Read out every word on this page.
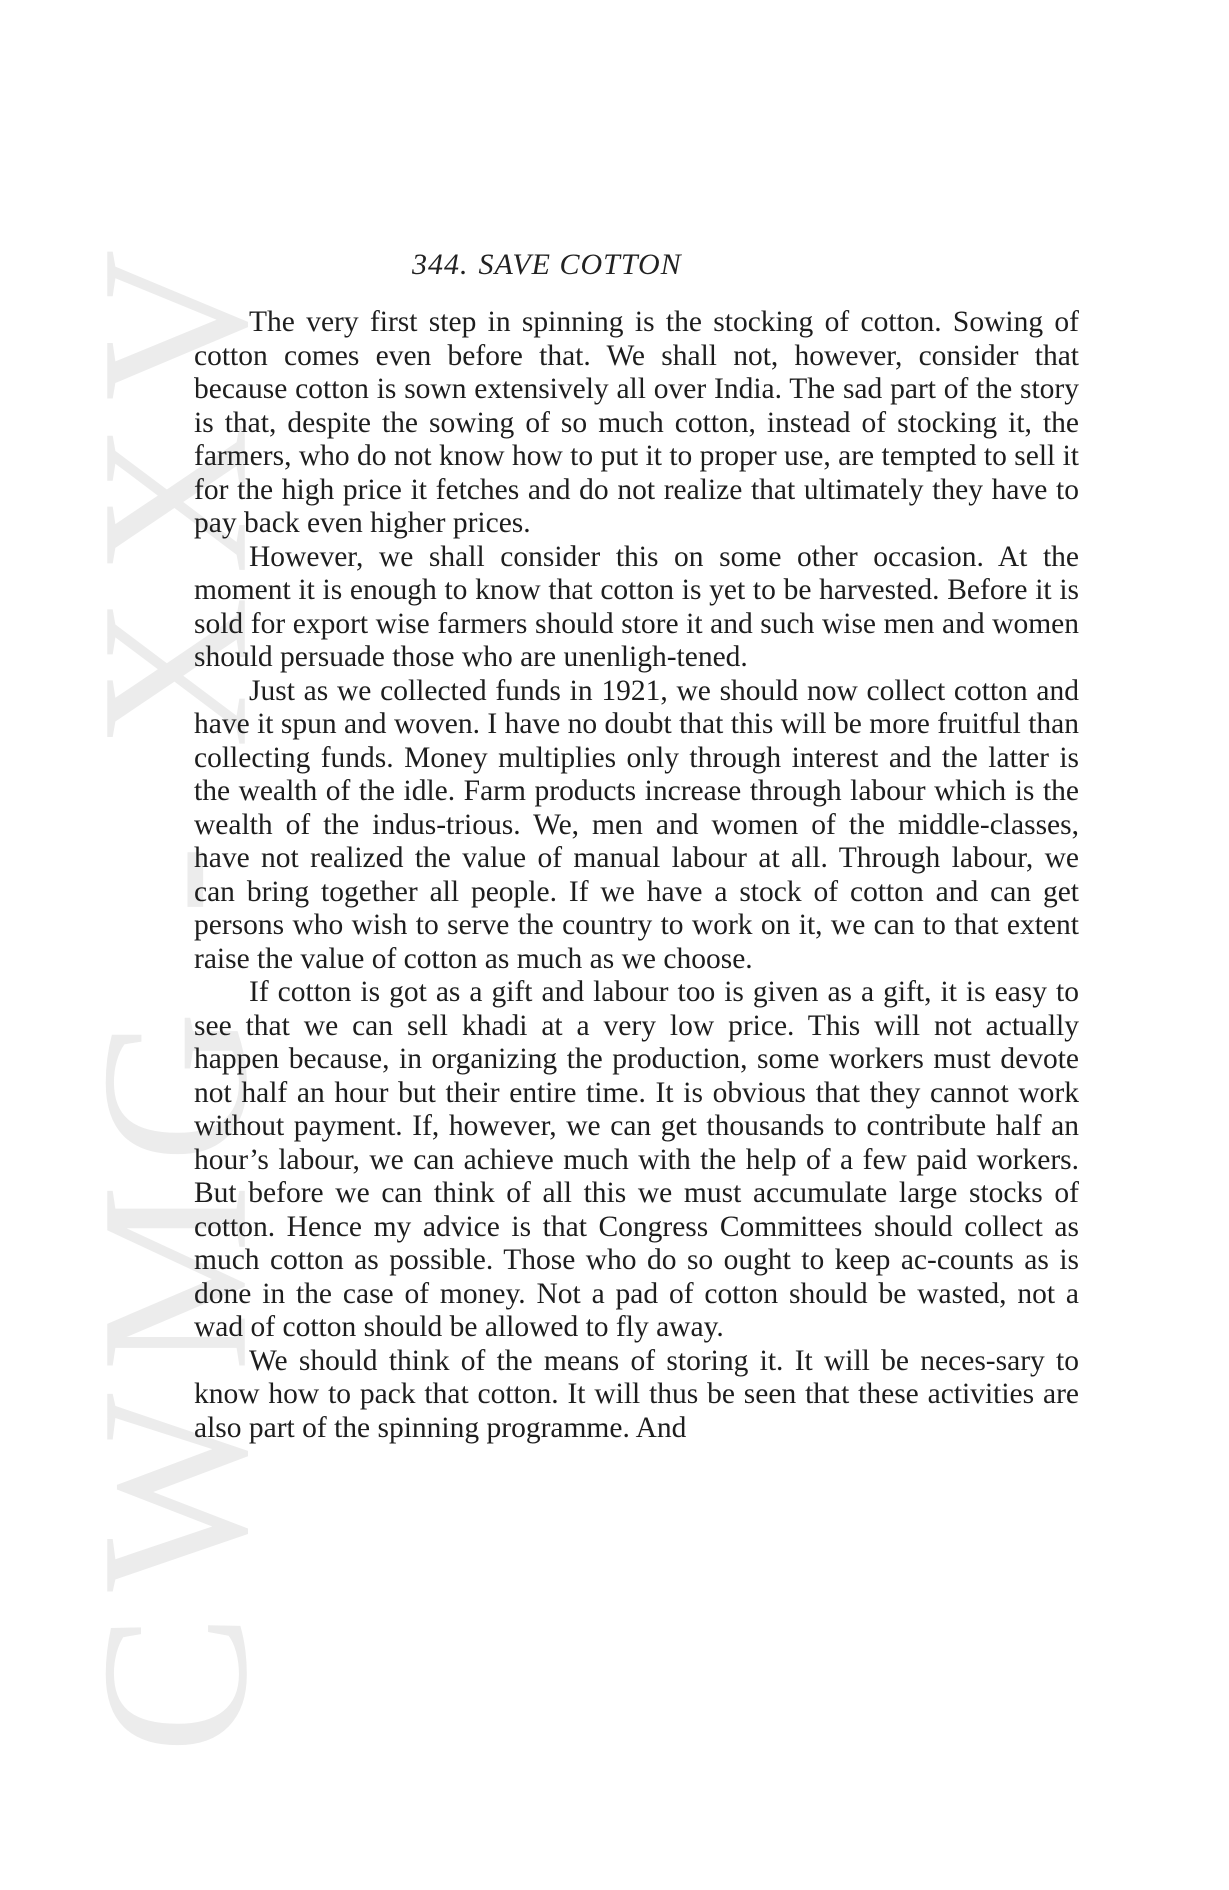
CWMG - XXV	344. SAVE COTTON

The very first step in spinning is the stocking of cotton. Sowing of cotton comes even before that. We shall not, however, consider that because cotton is sown extensively all over India. The sad part of the story is that, despite the sowing of so much cotton, instead of stocking it, the farmers, who do not know how to put it to proper use, are tempted to sell it for the high price it fetches and do not realize that ultimately they have to pay back even higher prices.

However, we shall consider this on some other occasion. At the moment it is enough to know that cotton is yet to be harvested. Before it is sold for export wise farmers should store it and such wise men and women should persuade those who are unenligh-tened.

Just as we collected funds in 1921, we should now collect cotton and have it spun and woven. I have no doubt that this will be more fruitful than collecting funds. Money multiplies only through interest and the latter is the wealth of the idle. Farm products increase through labour which is the wealth of the indus-trious. We, men and women of the middle-classes, have not realized the value of manual labour at all. Through labour, we can bring together all people. If we have a stock of cotton and can get persons who wish to serve the country to work on it, we can to that extent raise the value of cotton as much as we choose.

If cotton is got as a gift and labour too is given as a gift, it is easy to see that we can sell khadi at a very low price. This will not actually happen because, in organizing the production, some workers must devote not half an hour but their entire time. It is obvious that they cannot work without payment. If, however, we can get thousands to contribute half an hour’s labour, we can achieve much with the help of a few paid workers. But before we can think of all this we must accumulate large stocks of cotton. Hence my advice is that Congress Committees should collect as much cotton as possible. Those who do so ought to keep ac-counts as is done in the case of money. Not a pad of cotton should be wasted, not a wad of cotton should be allowed to fly away.

We should think of the means of storing it. It will be neces-sary to know how to pack that cotton. It will thus be seen that these activities are also part of the spinning programme. And
